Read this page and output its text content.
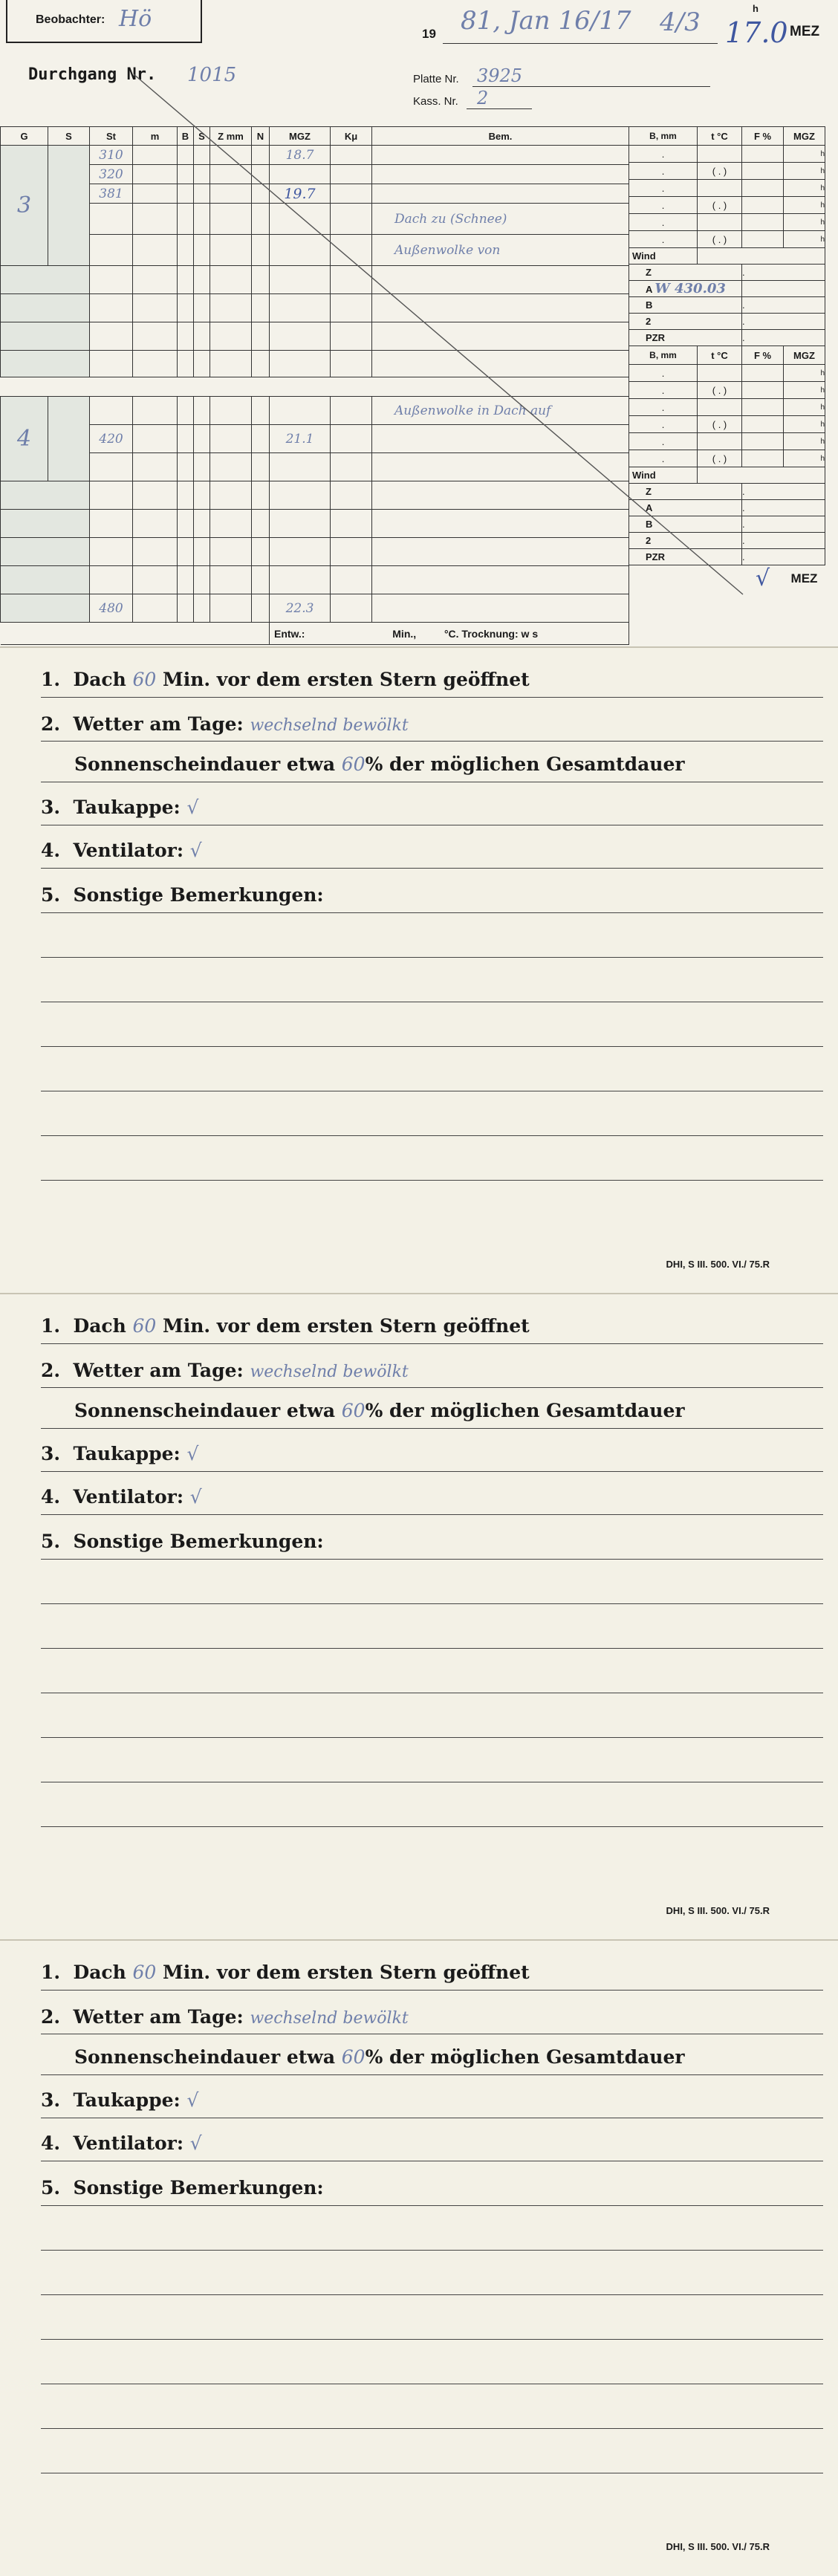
Beobachter: Hö
19 81, Jan 16/17 4/3	h
17.0 MEZ
Durchgang Nr. 1015	Platte Nr. 3925
Kass. Nr. 2
G	S	St	m	B	S	Z mm	N	MGZ	Kμ	Bem.
3		310						18.7		
		320								
		381						19.7		
										Dach zu (Schnee)
										Außenwolke von

4										Außenwolke in Dach auf
		420						21.1		

		480						22.3		
								Entw.: Min., °C. Trocknung: w s		
B, mm	t °C	F %	MGZ
.			h
.	( . )		h
.			h
.	( . )		h
.			h
.	( . )		h
Wind			
Z		.	
A W 430.03			
B		.	
2		.	
PZR		.	
B, mm	t °C	F %	MGZ
.			h
.	( . )		h
.			h
.	( . )		h
.			h
.	( . )		h
Wind			
Z		.	
A		.	
B		.	
2		.	
PZR		.	
		√	MEZ
1.  Dach 60 Min. vor dem ersten Stern geöffnet
2.  Wetter am Tage: wechselnd bewölkt
Sonnenscheindauer etwa 60% der möglichen Gesamtdauer
3.  Taukappe: √
4.  Ventilator: √
5.  Sonstige Bemerkungen:
DHI, S III. 500. VI./ 75.R
1.  Dach 60 Min. vor dem ersten Stern geöffnet
2.  Wetter am Tage: wechselnd bewölkt
Sonnenscheindauer etwa 60% der möglichen Gesamtdauer
3.  Taukappe: √
4.  Ventilator: √
5.  Sonstige Bemerkungen:
DHI, S III. 500. VI./ 75.R
1.  Dach 60 Min. vor dem ersten Stern geöffnet
2.  Wetter am Tage: wechselnd bewölkt
Sonnenscheindauer etwa 60% der möglichen Gesamtdauer
3.  Taukappe: √
4.  Ventilator: √
5.  Sonstige Bemerkungen:
DHI, S III. 500. VI./ 75.R
